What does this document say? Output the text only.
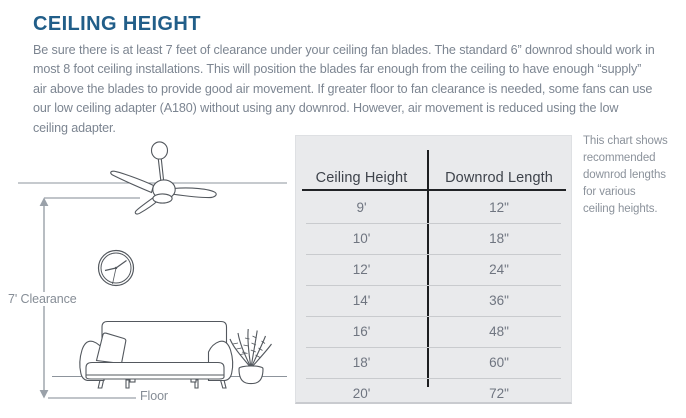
CEILING HEIGHT
Be sure there is at least 7 feet of clearance under your ceiling fan blades. The standard 6” downrod should work in most 8 foot ceiling installations. This will position the blades far enough from the ceiling to have enough “supply” air above the blades to provide good air movement. If greater floor to fan clearance is needed, some fans can use our low ceiling adapter (A180) without using any downrod. However, air movement is reduced using the low ceiling adapter.
7' Clearance
Floor
Ceiling Height	Downrod Length
9'	12"
10'	18"
12'	24"
14'	36"
16'	48"
18'	60"
20'	72"
This chart shows
recommended
downrod lengths
for various
ceiling heights.
